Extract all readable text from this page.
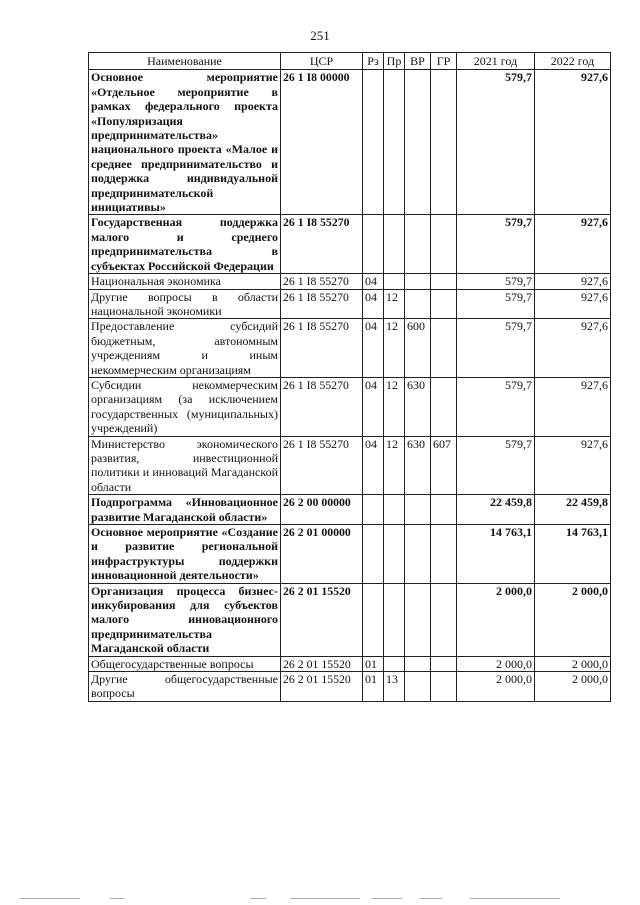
251
Наименование	ЦСР	Рз	Пр	ВР	ГР	2021 год	2022 год
Основное мероприятие «Отдельное мероприятие в рамках федерального проекта «Популяризация предпринимательства» национального проекта «Малое и среднее предпринимательство и поддержка индивидуальной предпринимательской инициативы»	26 1 I8 00000					579,7	927,6
Государственная поддержка малого и среднего предпринимательства в субъектах Российской Федерации	26 1 I8 55270					579,7	927,6
Национальная экономика	26 1 I8 55270	04				579,7	927,6
Другие вопросы в области национальной экономики	26 1 I8 55270	04	12			579,7	927,6
Предоставление субсидий бюджетным, автономным учреждениям и иным некоммерческим организациям	26 1 I8 55270	04	12	600		579,7	927,6
Субсидии некоммерческим организациям (за исключением государственных (муниципальных) учреждений)	26 1 I8 55270	04	12	630		579,7	927,6
Министерство экономического развития, инвестиционной политики и инноваций Магаданской области	26 1 I8 55270	04	12	630	607	579,7	927,6
Подпрограмма «Инновационное развитие Магаданской области»	26 2 00 00000					22 459,8	22 459,8
Основное мероприятие «Создание и развитие региональной инфраструктуры поддержки инновационной деятельности»	26 2 01 00000					14 763,1	14 763,1
Организация процесса бизнес-инкубирования для субъектов малого инновационного предпринимательства Магаданской области	26 2 01 15520					2 000,0	2 000,0
Общегосударственные вопросы	26 2 01 15520	01				2 000,0	2 000,0
Другие общегосударственные вопросы	26 2 01 15520	01	13			2 000,0	2 000,0
